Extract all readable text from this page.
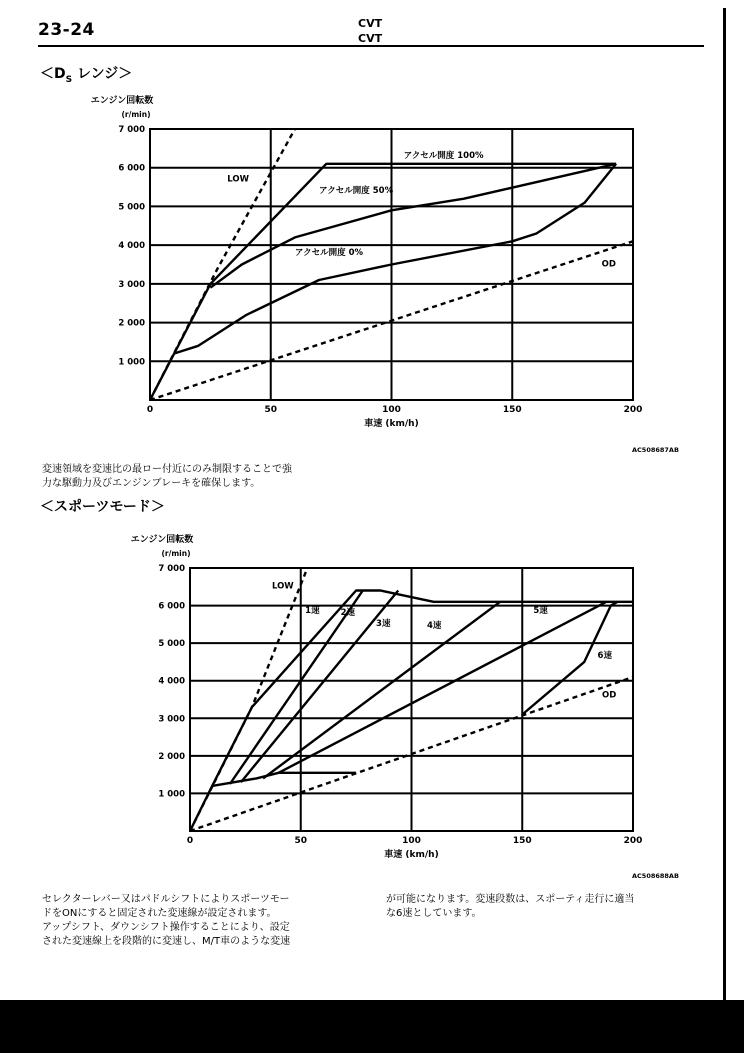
23-24	CVT
CVT
$<D_S$ レンジ＞
1 000
2 000
3 000
4 000
5 000
6 000
7 000
0	50	100	150	200
エンジン回転数
(r/min)
車速 (km/h)
LOW
アクセル開度 100%
アクセル開度 50%
アクセル開度 0%
OD
1 000
2 000
3 000
4 000
5 000
6 000
7 000
0	50	100	150	200
エンジン回転数
(r/min)
車速 (km/h)
LOW
1速 2速
3速	4速
5速
6速
OD
AC508687AB
変速領域を変速比の最ロー付近にのみ制限することで強
力な駆動力及びエンジンブレーキを確保します。
＜スポーツモード＞
AC508688AB
セレクターレバー又はパドルシフトによりスポーツモー
ドをONにすると固定された変速線が設定されます。
アップシフト、ダウンシフト操作することにより、設定
された変速線上を段階的に変速し、M/T車のような変速
が可能になります。変速段数は、スポーティ走行に適当
な6速としています。
